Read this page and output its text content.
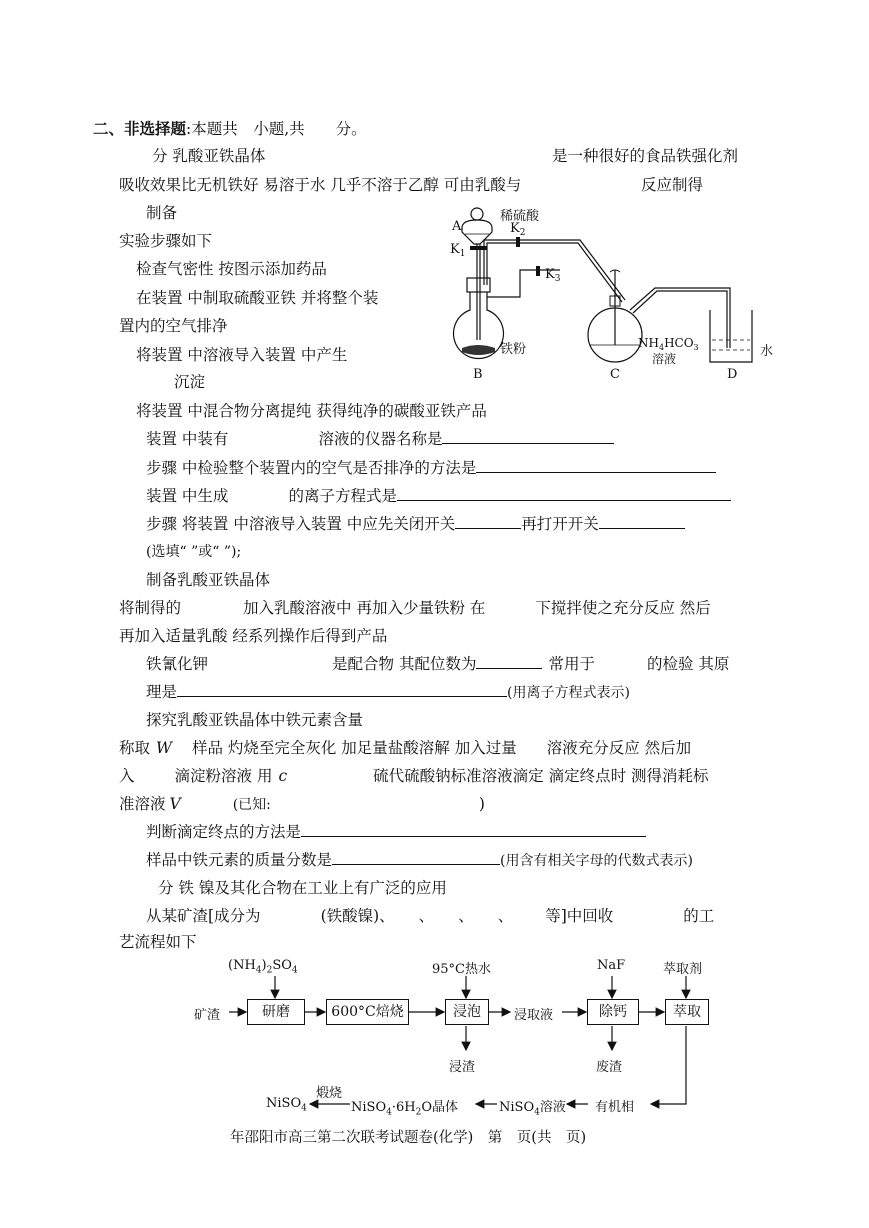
二、非选择题:本题共　小题,共　　分。
分 乳酸亚铁晶体	是一种很好的食品铁强化剂
吸收效果比无机铁好 易溶于水 几乎不溶于乙醇 可由乳酸与	反应制得
制备
实验步骤如下
检查气密性 按图示添加药品
在装置 中制取硫酸亚铁 并将整个装
置内的空气排净
将装置 中溶液导入装置 中产生
沉淀
将装置 中混合物分离提纯 获得纯净的碳酸亚铁产品
A
稀硫酸
$K_1$
铁粉
B
$K_2$
$K_3$
$NH_4HCO_3$
溶液
C
水
D
装置 中装有	溶液的仪器名称是
步骤 中检验整个装置内的空气是否排净的方法是
装置 中生成	的离子方程式是
步骤 将装置 中溶液导入装置 中应先关闭开关	再打开开关
(选填“ ”或“ ”);
制备乳酸亚铁晶体
将制得的	加入乳酸溶液中 再加入少量铁粉 在	下搅拌使之充分反应 然后
再加入适量乳酸 经系列操作后得到产品
铁氰化钾	是配合物 其配位数为	常用于	的检验 其原
理是	(用离子方程式表示)
探究乳酸亚铁晶体中铁元素含量
称取 W 样品 灼烧至完全灰化 加足量盐酸溶解 加入过量 溶液充分反应 然后加
入	滴淀粉溶液 用 c	硫代硫酸钠标准溶液滴定 滴定终点时 测得消耗标
准溶液 V	(已知:	)
判断滴定终点的方法是
样品中铁元素的质量分数是	(用含有相关字母的代数式表示)
分 铁 镍及其化合物在工业上有广泛的应用
从某矿渣[成分为	(铁酸镍)、 、 、 、 等]中回收	的工
艺流程如下
$(NH_4)_2SO_4$	95°C热水	NaF	萃取剂
矿渣	研磨	600°C焙烧	浸泡	浸取液	除钙	萃取
浸渣	废渣
有机相
NiSO$_4$溶液
$NiSO_4\cdot 6H_2O$晶体
煅烧
NiSO$_4$
年邵阳市高三第二次联考试题卷(化学)　第　页(共　页)
